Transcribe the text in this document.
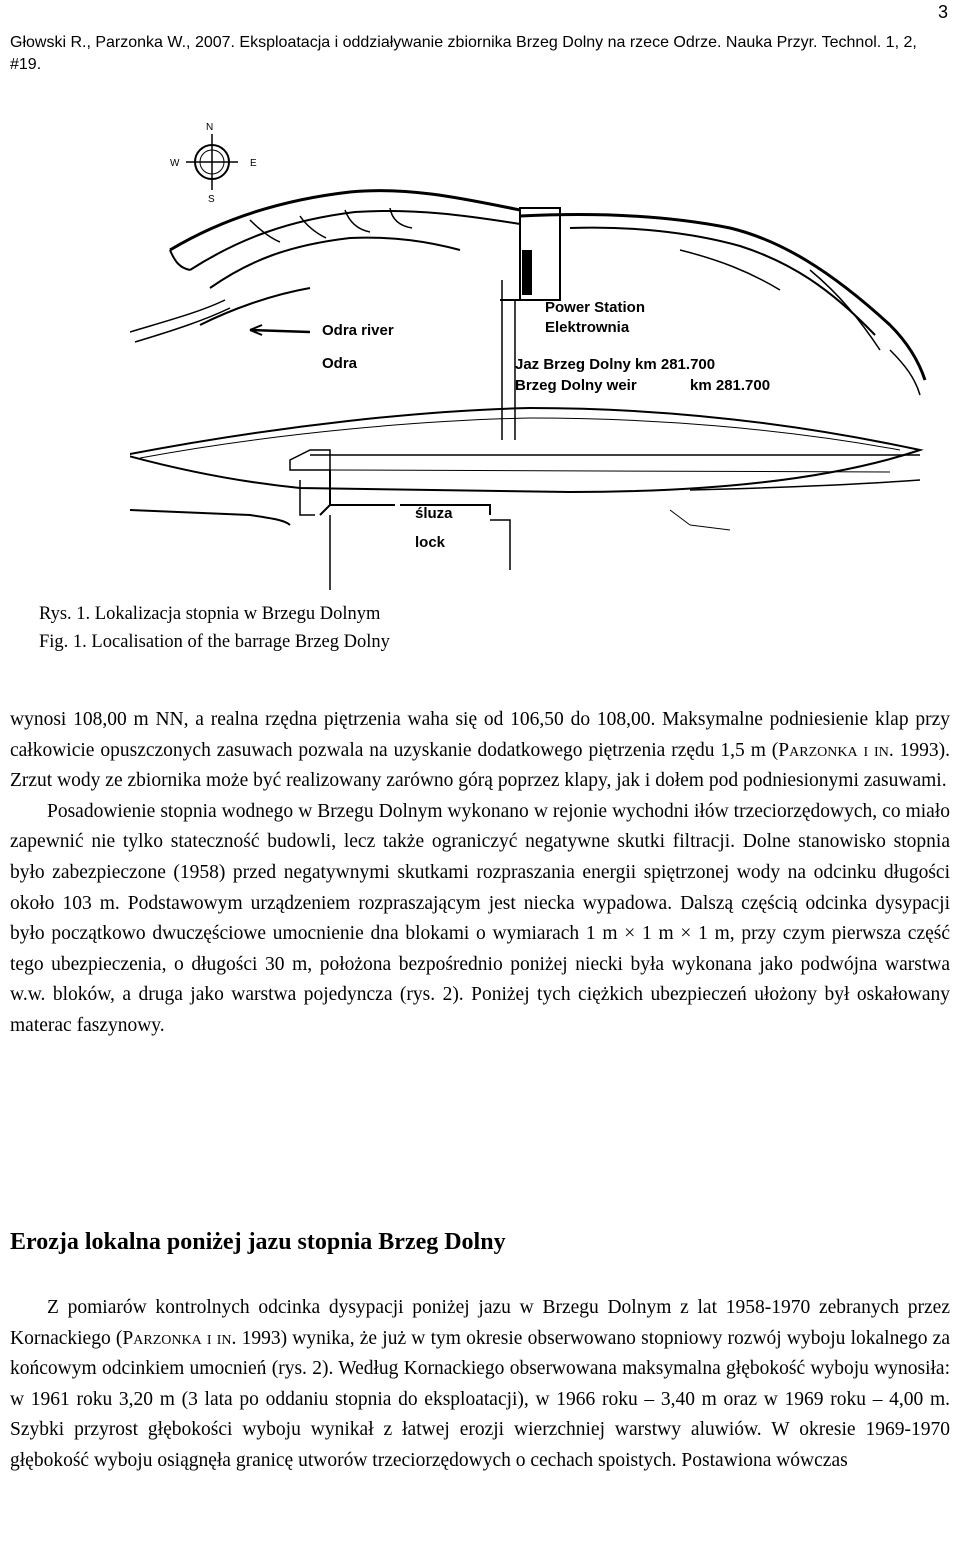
3
Głowski R., Parzonka W., 2007. Eksploatacja i oddziaływanie zbiornika Brzeg Dolny na rzece Odrze. Nauka Przyr. Technol. 1, 2, #19.
N
S
W	E
Power Station
Elektrownia
Odra river
Odra	Jaz Brzeg Dolny km 281.700
Brzeg Dolny weir	km 281.700
śluza
lock
Rys. 1. Lokalizacja stopnia w Brzegu Dolnym
Fig. 1. Localisation of the barrage Brzeg Dolny

wynosi 108,00 m NN, a realna rzędna piętrzenia waha się od 106,50 do 108,00. Maksymalne podniesienie klap przy całkowicie opuszczonych zasuwach pozwala na uzyskanie dodatkowego piętrzenia rzędu 1,5 m (Parzonka i in. 1993). Zrzut wody ze zbiornika może być realizowany zarówno górą poprzez klapy, jak i dołem pod podniesionymi zasuwami.

Posadowienie stopnia wodnego w Brzegu Dolnym wykonano w rejonie wychodni iłów trzeciorzędowych, co miało zapewnić nie tylko stateczność budowli, lecz także ograniczyć negatywne skutki filtracji. Dolne stanowisko stopnia było zabezpieczone (1958) przed negatywnymi skutkami rozpraszania energii spiętrzonej wody na odcinku długości około 103 m. Podstawowym urządzeniem rozpraszającym jest niecka wypadowa. Dalszą częścią odcinka dysypacji było początkowo dwuczęściowe umocnienie dna blokami o wymiarach 1 m × 1 m × 1 m, przy czym pierwsza część tego ubezpieczenia, o długości 30 m, położona bezpośrednio poniżej niecki była wykonana jako podwójna warstwa w.w. bloków, a druga jako warstwa pojedyncza (rys. 2). Poniżej tych ciężkich ubezpieczeń ułożony był oskałowany materac faszynowy.

Erozja lokalna poniżej jazu stopnia Brzeg Dolny

Z pomiarów kontrolnych odcinka dysypacji poniżej jazu w Brzegu Dolnym z lat 1958-1970 zebranych przez Kornackiego (Parzonka i in. 1993) wynika, że już w tym okresie obserwowano stopniowy rozwój wyboju lokalnego za końcowym odcinkiem umocnień (rys. 2). Według Kornackiego obserwowana maksymalna głębokość wyboju wynosiła: w 1961 roku 3,20 m (3 lata po oddaniu stopnia do eksploatacji), w 1966 roku – 3,40 m oraz w 1969 roku – 4,00 m. Szybki przyrost głębokości wyboju wynikał z łatwej erozji wierzchniej warstwy aluwiów. W okresie 1969-1970 głębokość wyboju osiągnęła granicę utworów trzeciorzędowych o cechach spoistych. Postawiona wówczas
